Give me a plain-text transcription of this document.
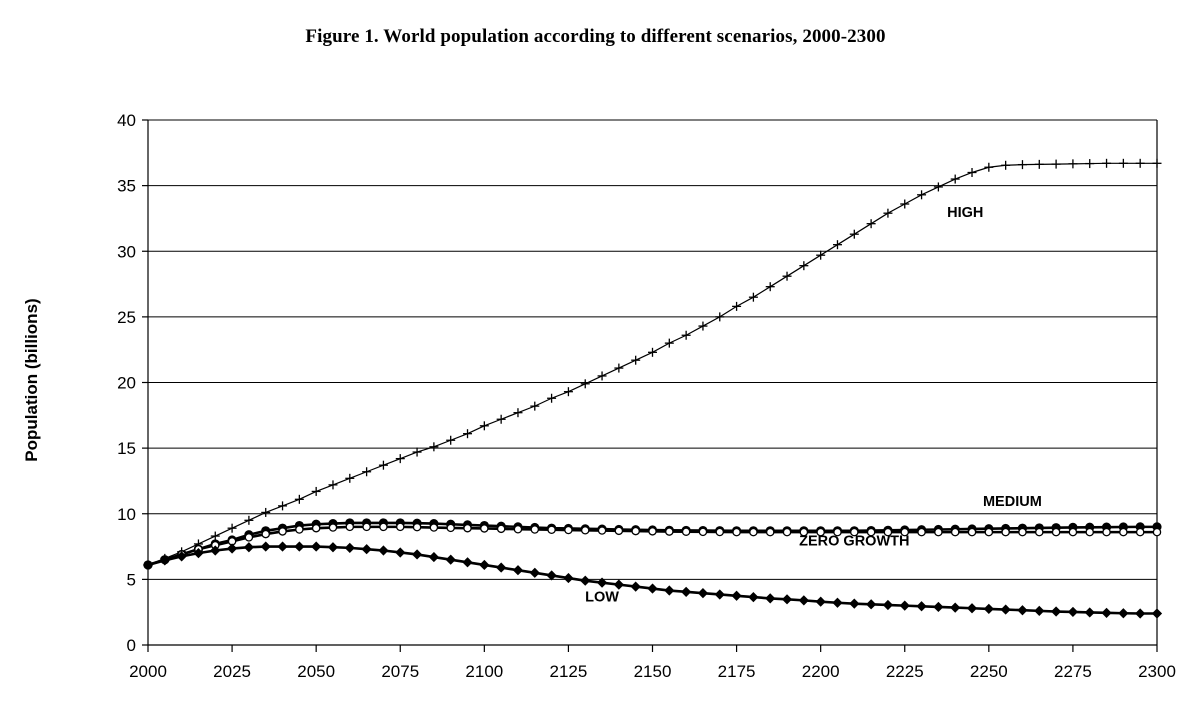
Figure 1. World population according to different scenarios, 2000-2300
Population (billions)
0
5
10
15
20
25
30
35
40
2000	2025	2050	2075	2100	2125	2150	2175	2200	2225	2250	2275	2300
HIGH
MEDIUM
ZERO GROWTH
LOW
